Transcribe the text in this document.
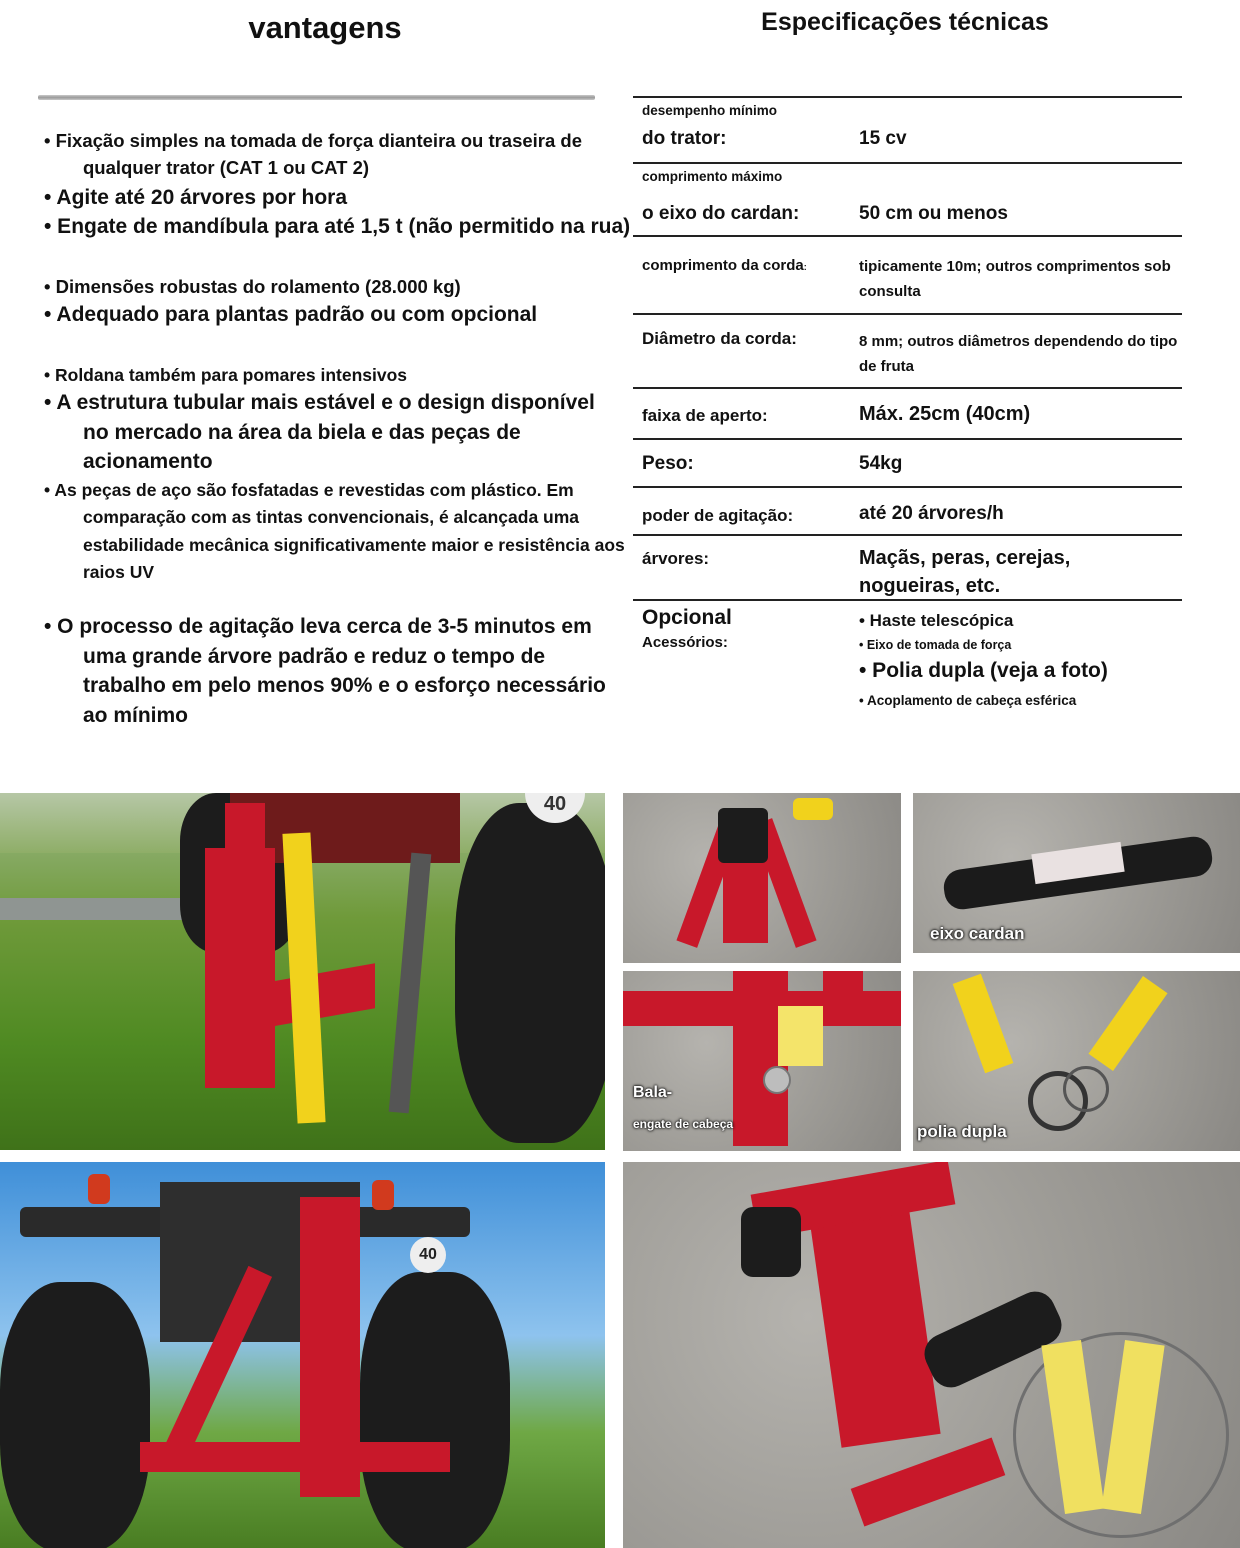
vantagens
• Fixação simples na tomada de força dianteira ou traseira de qualquer trator (CAT 1 ou CAT 2)
• Agite até 20 árvores por hora
• Engate de mandíbula para até 1,5 t (não permitido na rua)
• Dimensões robustas do rolamento (28.000 kg)
• Adequado para plantas padrão ou com opcional
• Roldana também para pomares intensivos
• A estrutura tubular mais estável e o design disponível no mercado na área da biela e das peças de acionamento
• As peças de aço são fosfatadas e revestidas com plástico. Em comparação com as tintas convencionais, é alcançada uma estabilidade mecânica significativamente maior e resistência aos raios UV
• O processo de agitação leva cerca de 3-5 minutos em uma grande árvore padrão e reduz o tempo de trabalho em pelo menos 90% e o esforço necessário ao mínimo
Especificações técnicas
desempenho mínimo
do trator:	15 cv
comprimento máximo
o eixo do cardan:	50 cm ou menos
comprimento da corda:	tipicamente 10m; outros comprimentos sob consulta
Diâmetro da corda:	8 mm; outros diâmetros dependendo do tipo de fruta
faixa de aperto:	Máx. 25cm (40cm)
Peso:	54kg
poder de agitação:	até 20 árvores/h
árvores:	Maçãs, peras, cerejas, nogueiras, etc.
Opcional
Acessórios:
• Haste telescópica
• Eixo de tomada de força
• Polia dupla (veja a foto)
• Acoplamento de cabeça esférica
40
eixo cardan
Bala-
engate de cabeça	polia dupla
40
